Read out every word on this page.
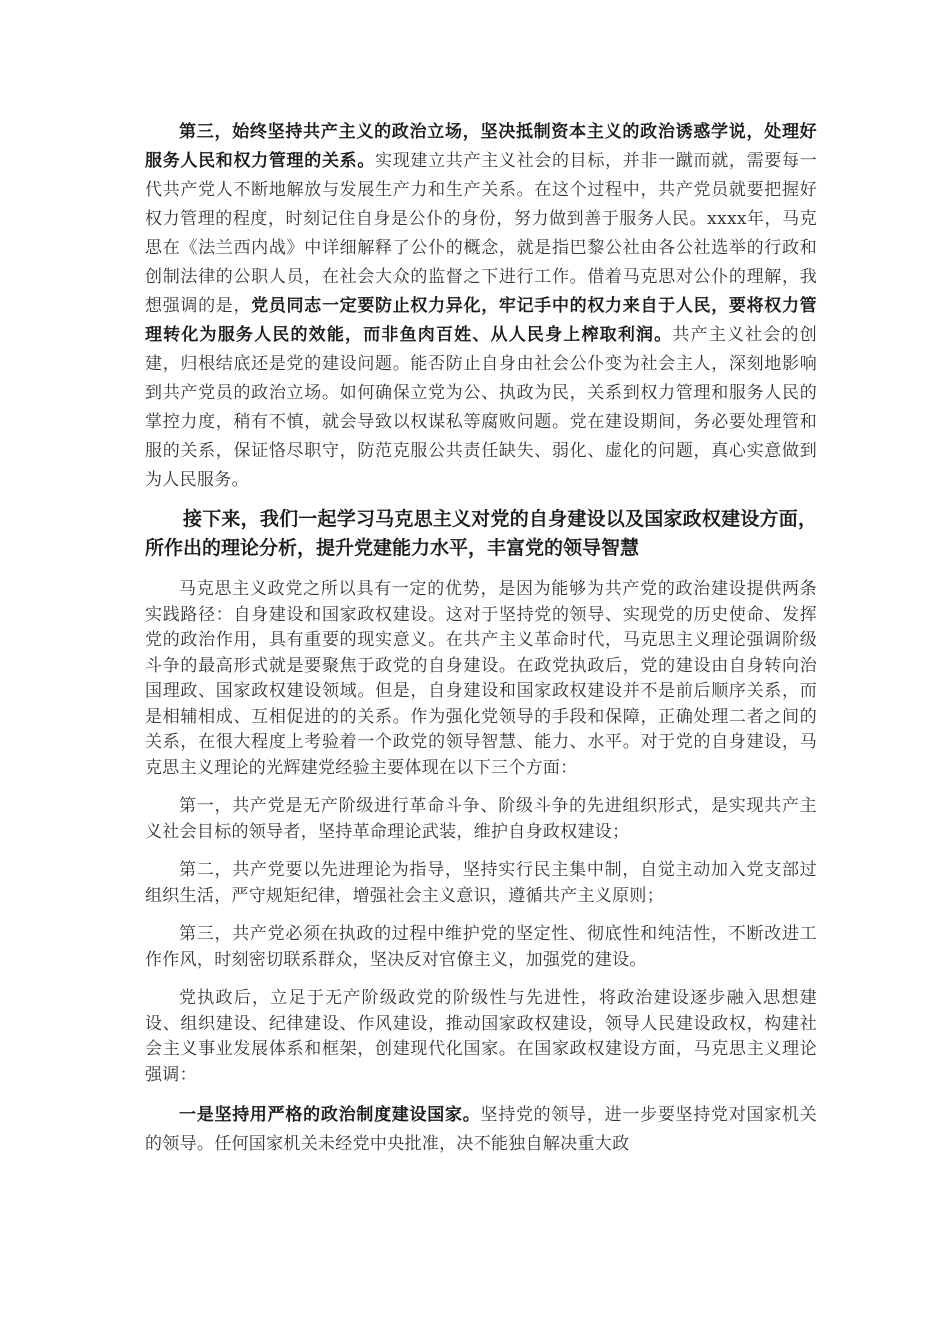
第三，始终坚持共产主义的政治立场，坚决抵制资本主义的政治诱惑学说，处理好服务人民和权力管理的关系。实现建立共产主义社会的目标，并非一蹴而就，需要每一代共产党人不断地解放与发展生产力和生产关系。在这个过程中，共产党员就要把握好权力管理的程度，时刻记住自身是公仆的身份，努力做到善于服务人民。xxxx年，马克思在《法兰西内战》中详细解释了公仆的概念，就是指巴黎公社由各公社选举的行政和创制法律的公职人员，在社会大众的监督之下进行工作。借着马克思对公仆的理解，我想强调的是，党员同志一定要防止权力异化，牢记手中的权力来自于人民，要将权力管理转化为服务人民的效能，而非鱼肉百姓、从人民身上榨取利润。共产主义社会的创建，归根结底还是党的建设问题。能否防止自身由社会公仆变为社会主人，深刻地影响到共产党员的政治立场。如何确保立党为公、执政为民，关系到权力管理和服务人民的掌控力度，稍有不慎，就会导致以权谋私等腐败问题。党在建设期间，务必要处理管和服的关系，保证恪尽职守，防范克服公共责任缺失、弱化、虚化的问题，真心实意做到为人民服务。

接下来，我们一起学习马克思主义对党的自身建设以及国家政权建设方面，所作出的理论分析，提升党建能力水平，丰富党的领导智慧

马克思主义政党之所以具有一定的优势，是因为能够为共产党的政治建设提供两条实践路径：自身建设和国家政权建设。这对于坚持党的领导、实现党的历史使命、发挥党的政治作用，具有重要的现实意义。在共产主义革命时代，马克思主义理论强调阶级斗争的最高形式就是要聚焦于政党的自身建设。在政党执政后，党的建设由自身转向治国理政、国家政权建设领域。但是，自身建设和国家政权建设并不是前后顺序关系，而是相辅相成、互相促进的的关系。作为强化党领导的手段和保障，正确处理二者之间的关系，在很大程度上考验着一个政党的领导智慧、能力、水平。对于党的自身建设，马克思主义理论的光辉建党经验主要体现在以下三个方面：

第一，共产党是无产阶级进行革命斗争、阶级斗争的先进组织形式，是实现共产主义社会目标的领导者，坚持革命理论武装，维护自身政权建设；

第二，共产党要以先进理论为指导，坚持实行民主集中制，自觉主动加入党支部过组织生活，严守规矩纪律，增强社会主义意识，遵循共产主义原则；

第三，共产党必须在执政的过程中维护党的坚定性、彻底性和纯洁性，不断改进工作作风，时刻密切联系群众，坚决反对官僚主义，加强党的建设。

党执政后，立足于无产阶级政党的阶级性与先进性，将政治建设逐步融入思想建设、组织建设、纪律建设、作风建设，推动国家政权建设，领导人民建设政权，构建社会主义事业发展体系和框架，创建现代化国家。在国家政权建设方面，马克思主义理论强调：

一是坚持用严格的政治制度建设国家。坚持党的领导，进一步要坚持党对国家机关的领导。任何国家机关未经党中央批准，决不能独自解决重大政
